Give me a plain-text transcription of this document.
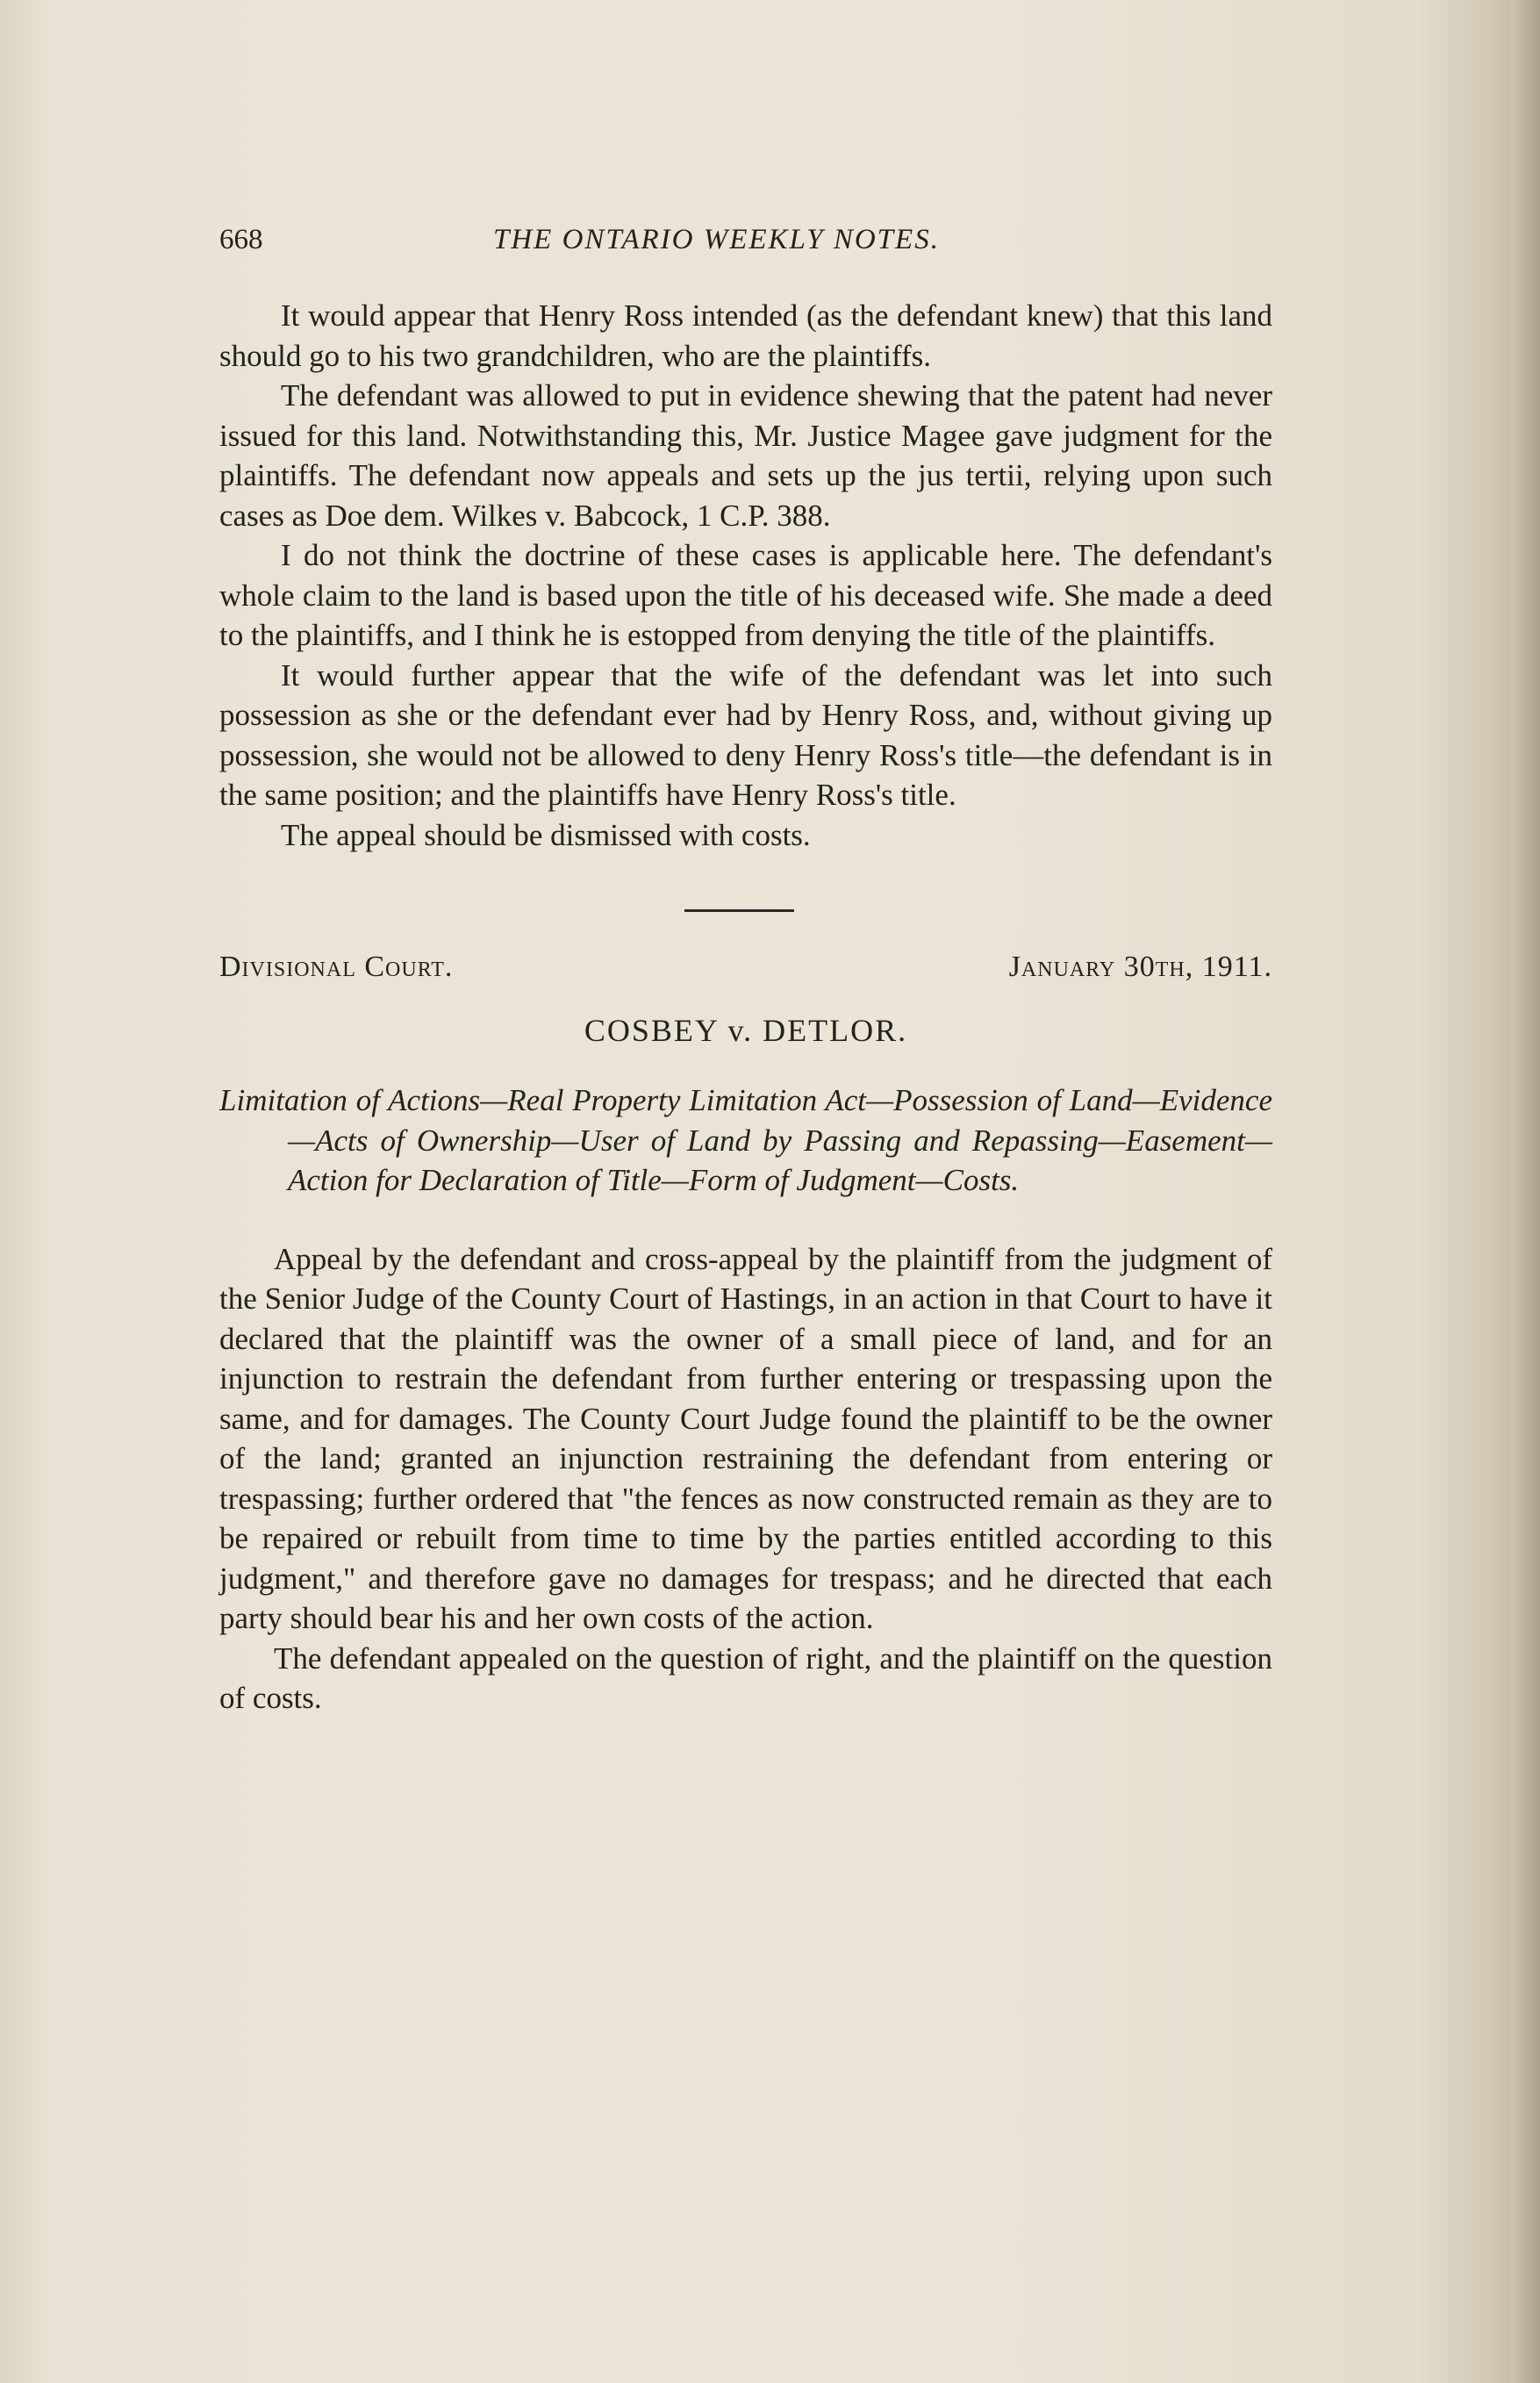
668	THE ONTARIO WEEKLY NOTES.

It would appear that Henry Ross intended (as the defendant knew) that this land should go to his two grandchildren, who are the plaintiffs.

The defendant was allowed to put in evidence shewing that the patent had never issued for this land. Notwithstanding this, Mr. Justice Magee gave judgment for the plaintiffs. The defendant now appeals and sets up the jus tertii, relying upon such cases as Doe dem. Wilkes v. Babcock, 1 C.P. 388.

I do not think the doctrine of these cases is applicable here. The defendant's whole claim to the land is based upon the title of his deceased wife. She made a deed to the plaintiffs, and I think he is estopped from denying the title of the plaintiffs.

It would further appear that the wife of the defendant was let into such possession as she or the defendant ever had by Henry Ross, and, without giving up possession, she would not be allowed to deny Henry Ross's title—the defendant is in the same position; and the plaintiffs have Henry Ross's title.

The appeal should be dismissed with costs.

Divisional Court.	January 30th, 1911.
COSBEY v. DETLOR.
Limitation of Actions—Real Property Limitation Act—Possession of Land—Evidence—Acts of Ownership—User of Land by Passing and Repassing—Easement—Action for Declaration of Title—Form of Judgment—Costs.

Appeal by the defendant and cross-appeal by the plaintiff from the judgment of the Senior Judge of the County Court of Hastings, in an action in that Court to have it declared that the plaintiff was the owner of a small piece of land, and for an injunction to restrain the defendant from further entering or trespassing upon the same, and for damages. The County Court Judge found the plaintiff to be the owner of the land; granted an injunction restraining the defendant from entering or trespassing; further ordered that "the fences as now constructed remain as they are to be repaired or rebuilt from time to time by the parties entitled according to this judgment," and therefore gave no damages for trespass; and he directed that each party should bear his and her own costs of the action.

The defendant appealed on the question of right, and the plaintiff on the question of costs.
